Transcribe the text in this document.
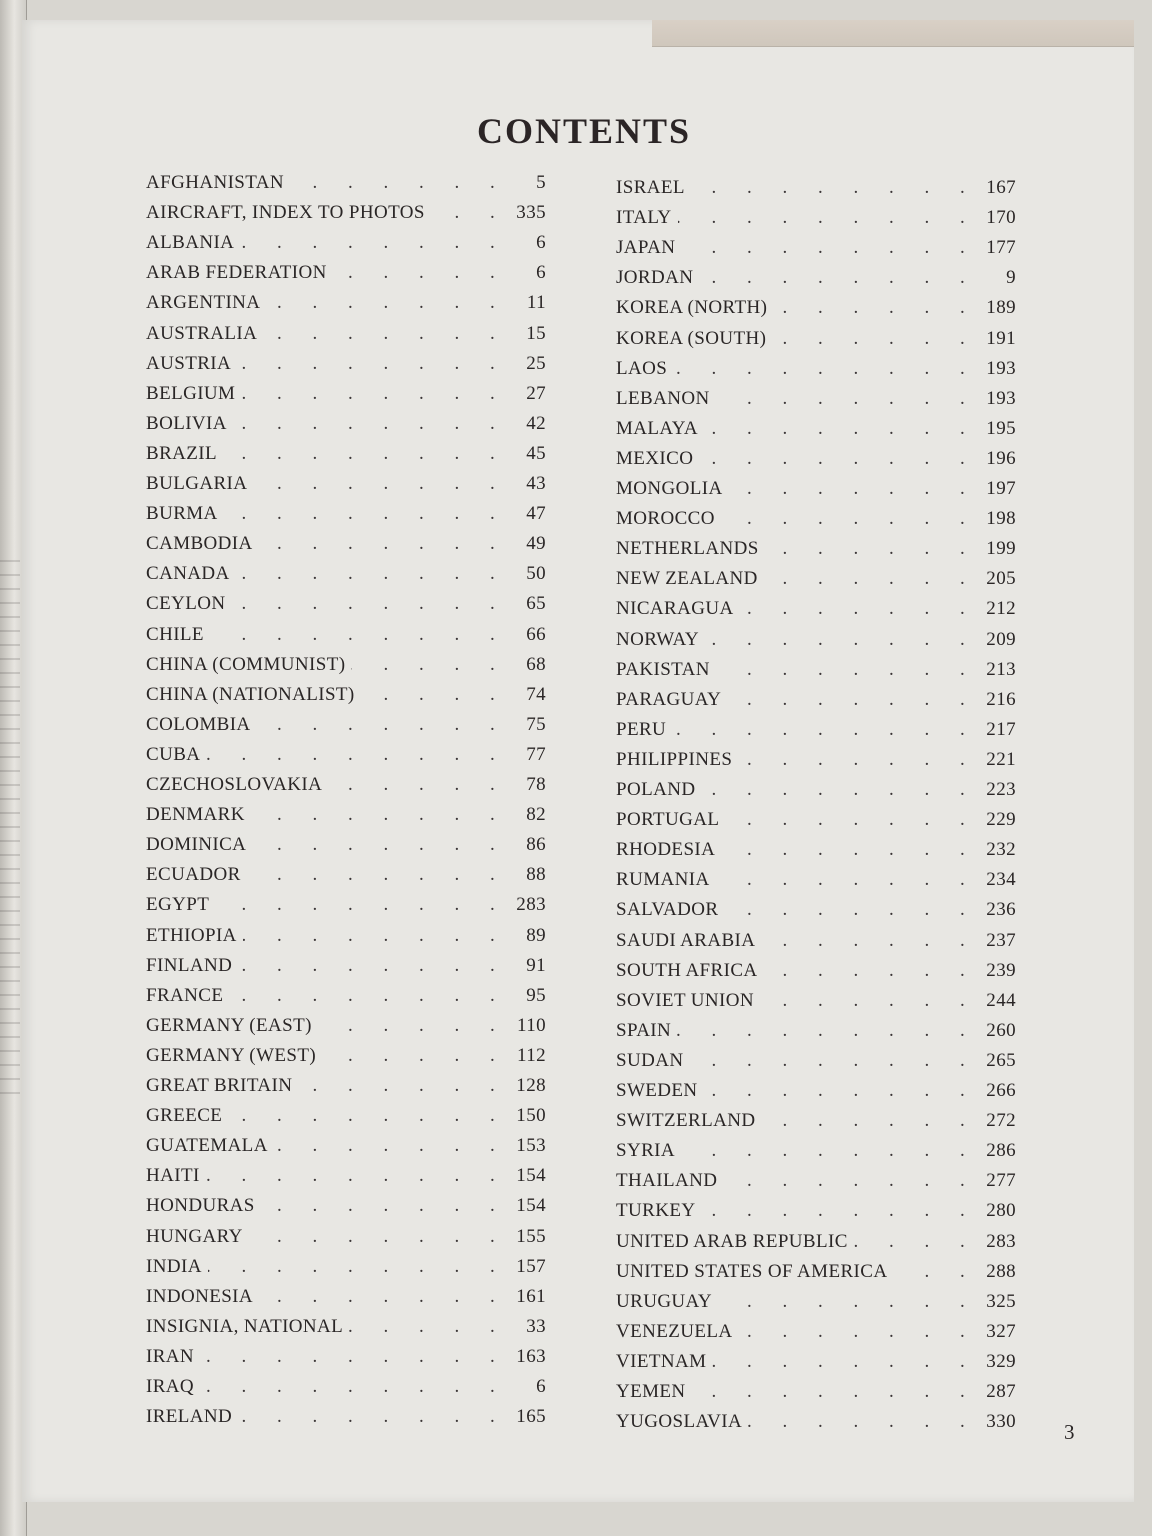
CONTENTS
AFGHANISTAN . . .	5
AIRCRAFT, INDEX TO PHOTOS . . .	335
ALBANIA . . .	6
ARAB FEDERATION . . .	6
ARGENTINA . . .	11
AUSTRALIA . . .	15
AUSTRIA . . .	25
BELGIUM . . .	27
BOLIVIA . . .	42
BRAZIL . . .	45
BULGARIA . . .	43
BURMA . . .	47
CAMBODIA . . .	49
CANADA . . .	50
CEYLON . . .	65
CHILE . . .	66
CHINA (COMMUNIST) . . .	68
CHINA (NATIONALIST) . . .	74
COLOMBIA . . .	75
CUBA . . .	77
CZECHOSLOVAKIA . . .	78
DENMARK . . .	82
DOMINICA . . .	86
ECUADOR . . .	88
EGYPT . . .	283
ETHIOPIA . . .	89
FINLAND . . .	91
FRANCE . . .	95
GERMANY (EAST) . . .	110
GERMANY (WEST) . . .	112
GREAT BRITAIN . . .	128
GREECE . . .	150
GUATEMALA . . .	153
HAITI . . .	154
HONDURAS . . .	154
HUNGARY . . .	155
INDIA . . .	157
INDONESIA . . .	161
INSIGNIA, NATIONAL . . .	33
IRAN . . .	163
IRAQ . . .	6
IRELAND . . .	165
ISRAEL . . .	167
ITALY . . .	170
JAPAN . . .	177
JORDAN . . .	9
KOREA (NORTH) . . .	189
KOREA (SOUTH) . . .	191
LAOS . . .	193
LEBANON . . .	193
MALAYA . . .	195
MEXICO . . .	196
MONGOLIA . . .	197
MOROCCO . . .	198
NETHERLANDS . . .	199
NEW ZEALAND . . .	205
NICARAGUA . . .	212
NORWAY . . .	209
PAKISTAN . . .	213
PARAGUAY . . .	216
PERU . . .	217
PHILIPPINES . . .	221
POLAND . . .	223
PORTUGAL . . .	229
RHODESIA . . .	232
RUMANIA . . .	234
SALVADOR . . .	236
SAUDI ARABIA . . .	237
SOUTH AFRICA . . .	239
SOVIET UNION . . .	244
SPAIN . . .	260
SUDAN . . .	265
SWEDEN . . .	266
SWITZERLAND . . .	272
SYRIA . . .	286
THAILAND . . .	277
TURKEY . . .	280
UNITED ARAB REPUBLIC . . .	283
UNITED STATES OF AMERICA . . .	288
URUGUAY . . .	325
VENEZUELA . . .	327
VIETNAM . . .	329
YEMEN . . .	287
YUGOSLAVIA . . .	330 3
